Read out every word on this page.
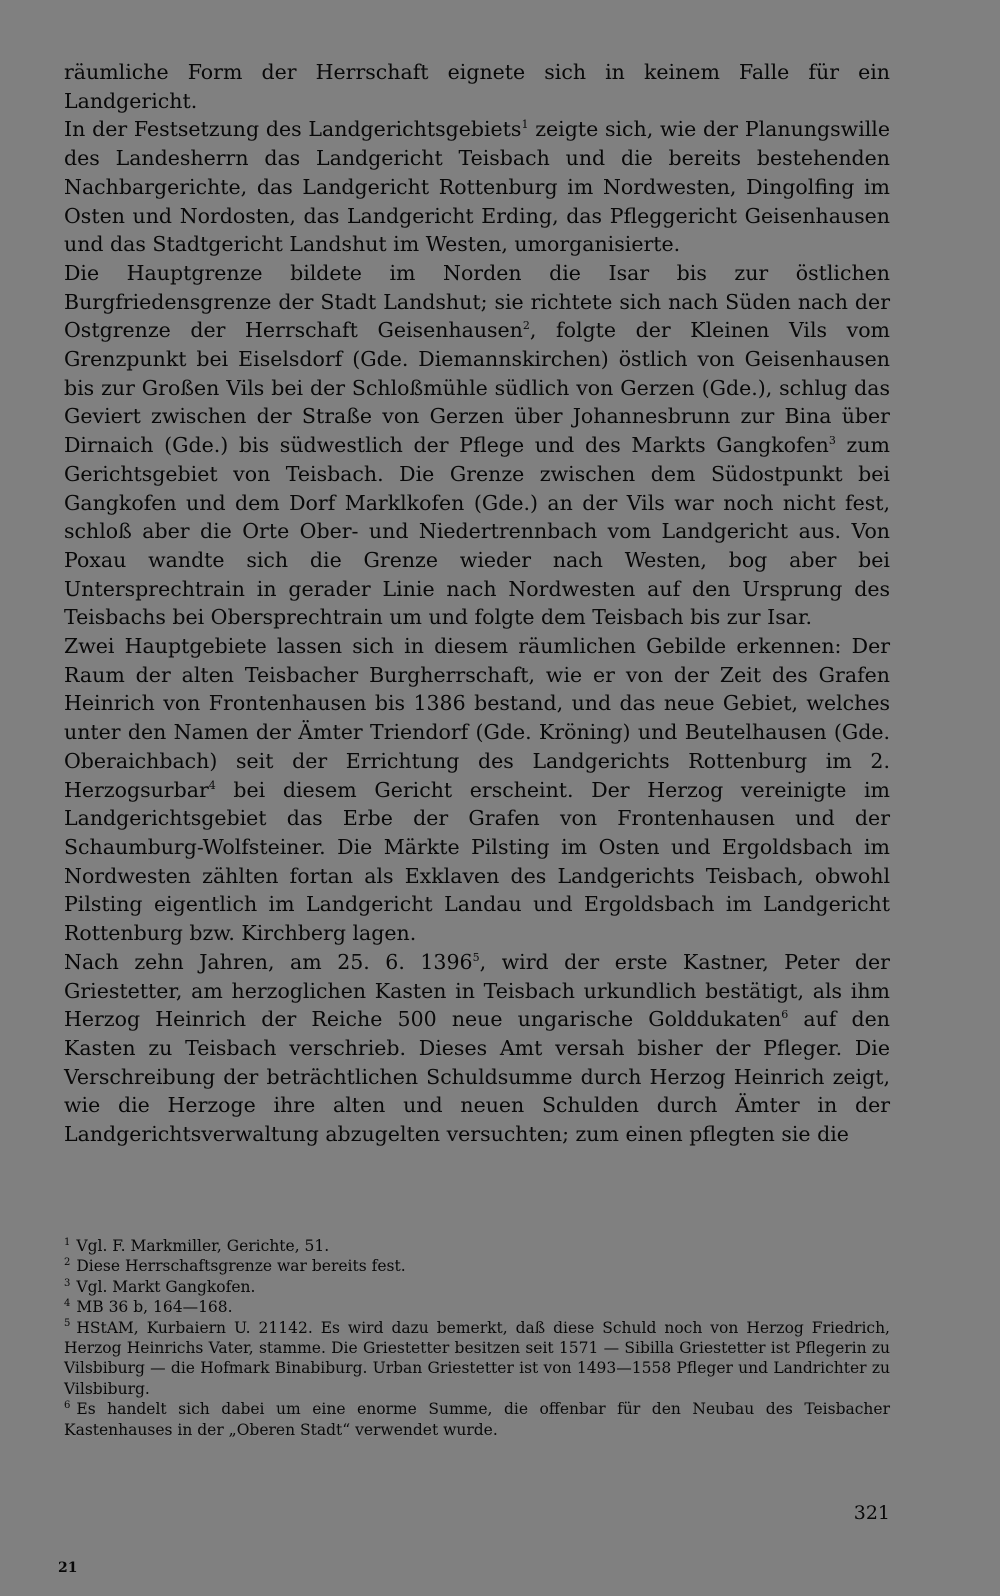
räumliche Form der Herrschaft eignete sich in keinem Falle für ein Landgericht.

In der Festsetzung des Landgerichtsgebiets$^1$ zeigte sich, wie der Planungswille des Landesherrn das Landgericht Teisbach und die bereits bestehenden Nachbargerichte, das Landgericht Rottenburg im Nordwesten, Dingolfing im Osten und Nordosten, das Landgericht Erding, das Pfleggericht Geisenhausen und das Stadtgericht Landshut im Westen, umorganisierte.

Die Hauptgrenze bildete im Norden die Isar bis zur östlichen Burgfriedensgrenze der Stadt Landshut; sie richtete sich nach Süden nach der Ostgrenze der Herrschaft Geisenhausen$^2$, folgte der Kleinen Vils vom Grenzpunkt bei Eiselsdorf (Gde. Diemannskirchen) östlich von Geisenhausen bis zur Großen Vils bei der Schloßmühle südlich von Gerzen (Gde.), schlug das Geviert zwischen der Straße von Gerzen über Johannesbrunn zur Bina über Dirnaich (Gde.) bis südwestlich der Pflege und des Markts Gangkofen$^3$ zum Gerichtsgebiet von Teisbach. Die Grenze zwischen dem Südostpunkt bei Gangkofen und dem Dorf Marklkofen (Gde.) an der Vils war noch nicht fest, schloß aber die Orte Ober- und Niedertrennbach vom Landgericht aus. Von Poxau wandte sich die Grenze wieder nach Westen, bog aber bei Untersprechtrain in gerader Linie nach Nordwesten auf den Ursprung des Teisbachs bei Obersprechtrain um und folgte dem Teisbach bis zur Isar.

Zwei Hauptgebiete lassen sich in diesem räumlichen Gebilde erkennen: Der Raum der alten Teisbacher Burgherrschaft, wie er von der Zeit des Grafen Heinrich von Frontenhausen bis 1386 bestand, und das neue Gebiet, welches unter den Namen der Ämter Triendorf (Gde. Kröning) und Beutelhausen (Gde. Oberaichbach) seit der Errichtung des Landgerichts Rottenburg im 2. Herzogsurbar$^4$ bei diesem Gericht erscheint. Der Herzog vereinigte im Landgerichtsgebiet das Erbe der Grafen von Frontenhausen und der Schaumburg-Wolfsteiner. Die Märkte Pilsting im Osten und Ergoldsbach im Nordwesten zählten fortan als Exklaven des Landgerichts Teisbach, obwohl Pilsting eigentlich im Landgericht Landau und Ergoldsbach im Landgericht Rottenburg bzw. Kirchberg lagen.

Nach zehn Jahren, am 25. 6. 1396$^5$, wird der erste Kastner, Peter der Griestetter, am herzoglichen Kasten in Teisbach urkundlich bestätigt, als ihm Herzog Heinrich der Reiche 500 neue ungarische Golddukaten$^6$ auf den Kasten zu Teisbach verschrieb. Dieses Amt versah bisher der Pfleger. Die Verschreibung der beträchtlichen Schuldsumme durch Herzog Heinrich zeigt, wie die Herzoge ihre alten und neuen Schulden durch Ämter in der Landgerichtsverwaltung abzugelten versuchten; zum einen pflegten sie die

$^1$ Vgl. F. Markmiller, Gerichte, 51.

$^2$ Diese Herrschaftsgrenze war bereits fest.

$^3$ Vgl. Markt Gangkofen.

$^4$ MB 36 b, 164—168.

$^5$ HStAM, Kurbaiern U. 21142. Es wird dazu bemerkt, daß diese Schuld noch von Herzog Friedrich, Herzog Heinrichs Vater, stamme. Die Griestetter besitzen seit 1571 — Sibilla Griestetter ist Pflegerin zu Vilsbiburg — die Hofmark Binabiburg. Urban Griestetter ist von 1493—1558 Pfleger und Landrichter zu Vilsbiburg.

$^6$ Es handelt sich dabei um eine enorme Summe, die offenbar für den Neubau des Teisbacher Kastenhauses in der „Oberen Stadt“ verwendet wurde.

321
21
